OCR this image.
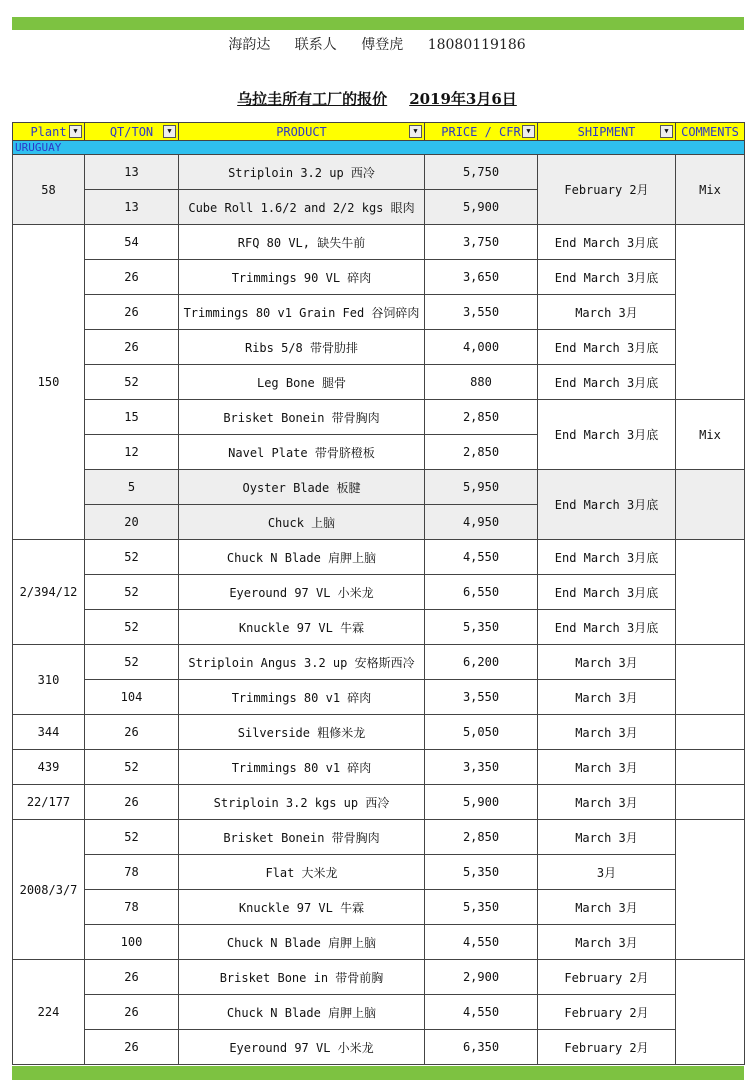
海韵达 联系人 傅登虎 18080119186
乌拉圭所有工厂的报价 2019年3月6日
Plant ▼	QT/TON ▼	PRODUCT ▼	PRICE / CFR ▼	SHIPMENT ▼	COMMENTS
URUGUAY					
58	13	Striploin 3.2 up 西冷	5,750	February 2月	Mix
	13	Cube Roll 1.6/2 and 2/2 kgs 眼肉	5,900		
150	54	RFQ 80 VL, 缺失牛前	3,750	End March 3月底	
	26	Trimmings 90 VL 碎肉	3,650	End March 3月底	
	26	Trimmings 80 v1 Grain Fed 谷饲碎肉	3,550	March 3月	
	26	Ribs 5/8 带骨肋排	4,000	End March 3月底	
	52	Leg Bone 腿骨	880	End March 3月底	
	15	Brisket Bonein 带骨胸肉	2,850	End March 3月底	Mix
	12	Navel Plate 带骨脐橙板	2,850		
	5	Oyster Blade 板腱	5,950	End March 3月底	
	20	Chuck 上脑	4,950		
2/394/12	52	Chuck N Blade 肩胛上脑	4,550	End March 3月底	
	52	Eyeround 97 VL 小米龙	6,550	End March 3月底	
	52	Knuckle 97 VL 牛霖	5,350	End March 3月底	
310	52	Striploin Angus 3.2 up 安格斯西冷	6,200	March 3月	
	104	Trimmings 80 v1 碎肉	3,550	March 3月	
344	26	Silverside 粗修米龙	5,050	March 3月	
439	52	Trimmings 80 v1 碎肉	3,350	March 3月	
22/177	26	Striploin 3.2 kgs up 西冷	5,900	March 3月	
2008/3/7	52	Brisket Bonein 带骨胸肉	2,850	March 3月	
	78	Flat 大米龙	5,350	3月	
	78	Knuckle 97 VL 牛霖	5,350	March 3月	
	100	Chuck N Blade 肩胛上脑	4,550	March 3月	
224	26	Brisket Bone in 带骨前胸	2,900	February 2月	
	26	Chuck N Blade 肩胛上脑	4,550	February 2月	
	26	Eyeround 97 VL 小米龙	6,350	February 2月	
